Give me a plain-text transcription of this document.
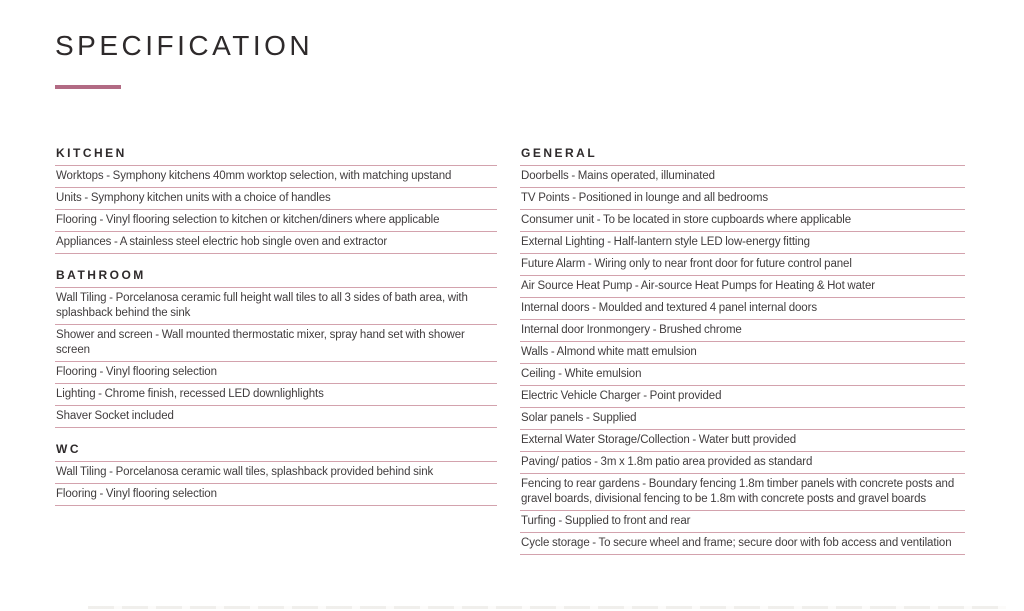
SPECIFICATION
KITCHEN
Worktops - Symphony kitchens 40mm worktop selection, with matching upstand
Units - Symphony kitchen units with a choice of handles
Flooring - Vinyl flooring selection to kitchen or kitchen/diners where applicable
Appliances - A stainless steel electric hob single oven and extractor
BATHROOM
Wall Tiling - Porcelanosa ceramic full height wall tiles to all 3 sides of bath area, with splashback behind the sink
Shower and screen - Wall mounted thermostatic mixer, spray hand set with shower screen
Flooring - Vinyl flooring selection
Lighting - Chrome finish, recessed LED downlighlights
Shaver Socket included
WC
Wall Tiling - Porcelanosa ceramic wall tiles, splashback provided behind sink
Flooring - Vinyl flooring selection
GENERAL
Doorbells - Mains operated, illuminated
TV Points - Positioned in lounge and all bedrooms
Consumer unit - To be located in store cupboards where applicable
External Lighting - Half-lantern style LED low-energy fitting
Future Alarm - Wiring only to near front door for future control panel
Air Source Heat Pump - Air-source Heat Pumps for Heating & Hot water
Internal doors - Moulded and textured 4 panel internal doors
Internal door Ironmongery - Brushed chrome
Walls - Almond white matt emulsion
Ceiling - White emulsion
Electric Vehicle Charger - Point provided
Solar panels - Supplied
External Water Storage/Collection - Water butt provided
Paving/ patios - 3m x 1.8m patio area provided as standard
Fencing to rear gardens - Boundary fencing 1.8m timber panels with concrete posts and gravel boards, divisional fencing to be 1.8m with concrete posts and gravel boards
Turfing - Supplied to front and rear
Cycle storage - To secure wheel and frame; secure door with fob access and ventilation
